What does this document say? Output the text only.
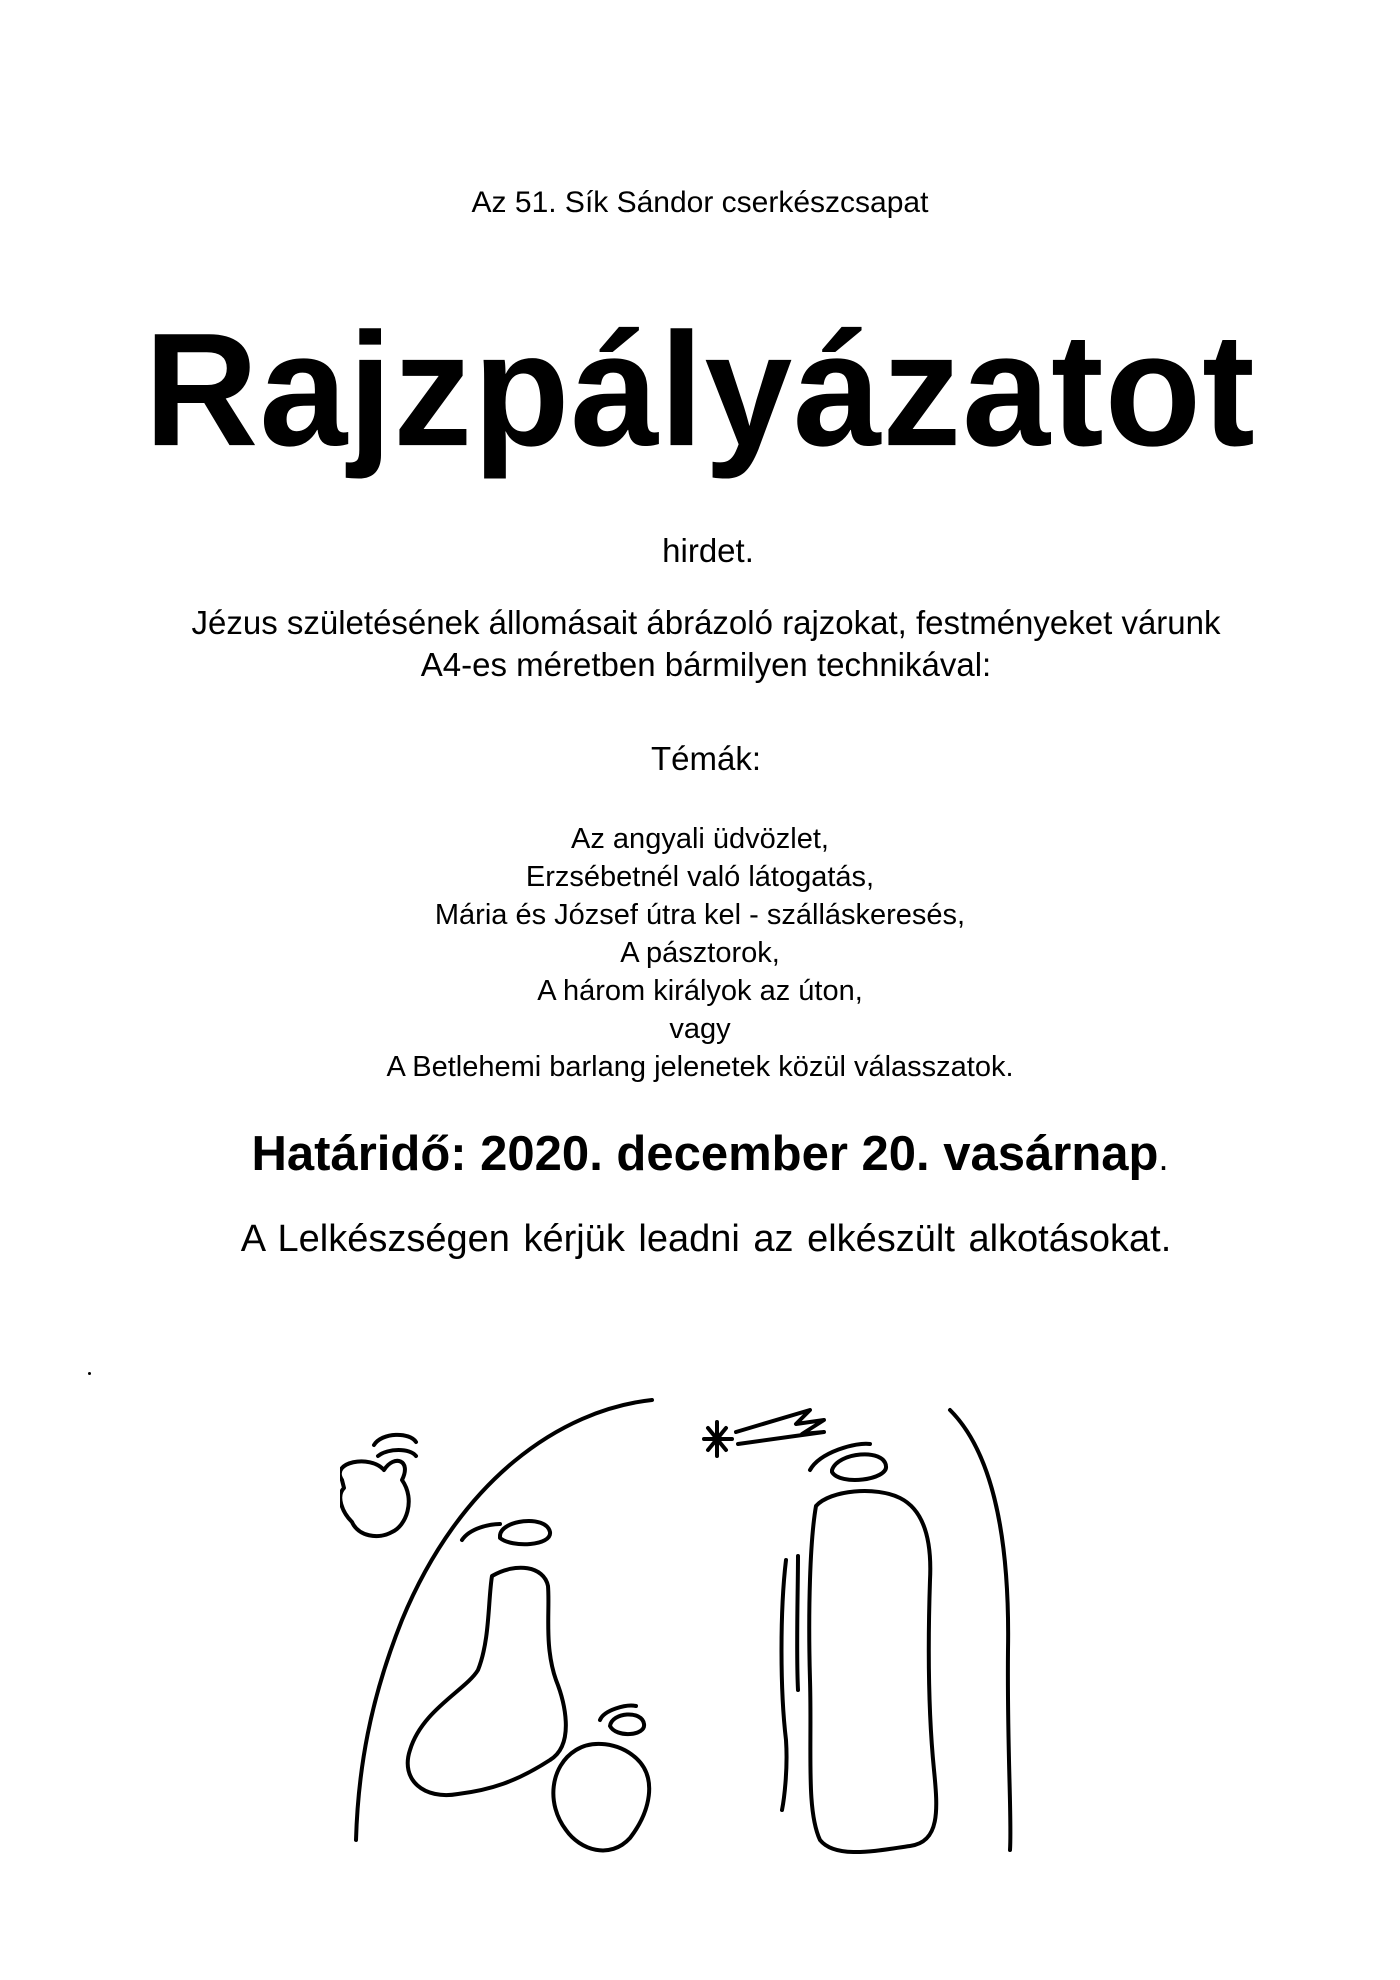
Az 51. Sík Sándor cserkészcsapat
Rajzpályázatot
hirdet.
Jézus születésének állomásait ábrázoló rajzokat, festményeket várunk
A4-es méretben bármilyen technikával:
Témák:
Az angyali üdvözlet,
Erzsébetnél való látogatás,
Mária és József útra kel - szálláskeresés,
A pásztorok,
A három királyok az úton,
vagy
A Betlehemi barlang jelenetek közül válasszatok.
Határidő: 2020. december 20. vasárnap.
A Lelkészségen kérjük leadni az elkészült alkotásokat.
